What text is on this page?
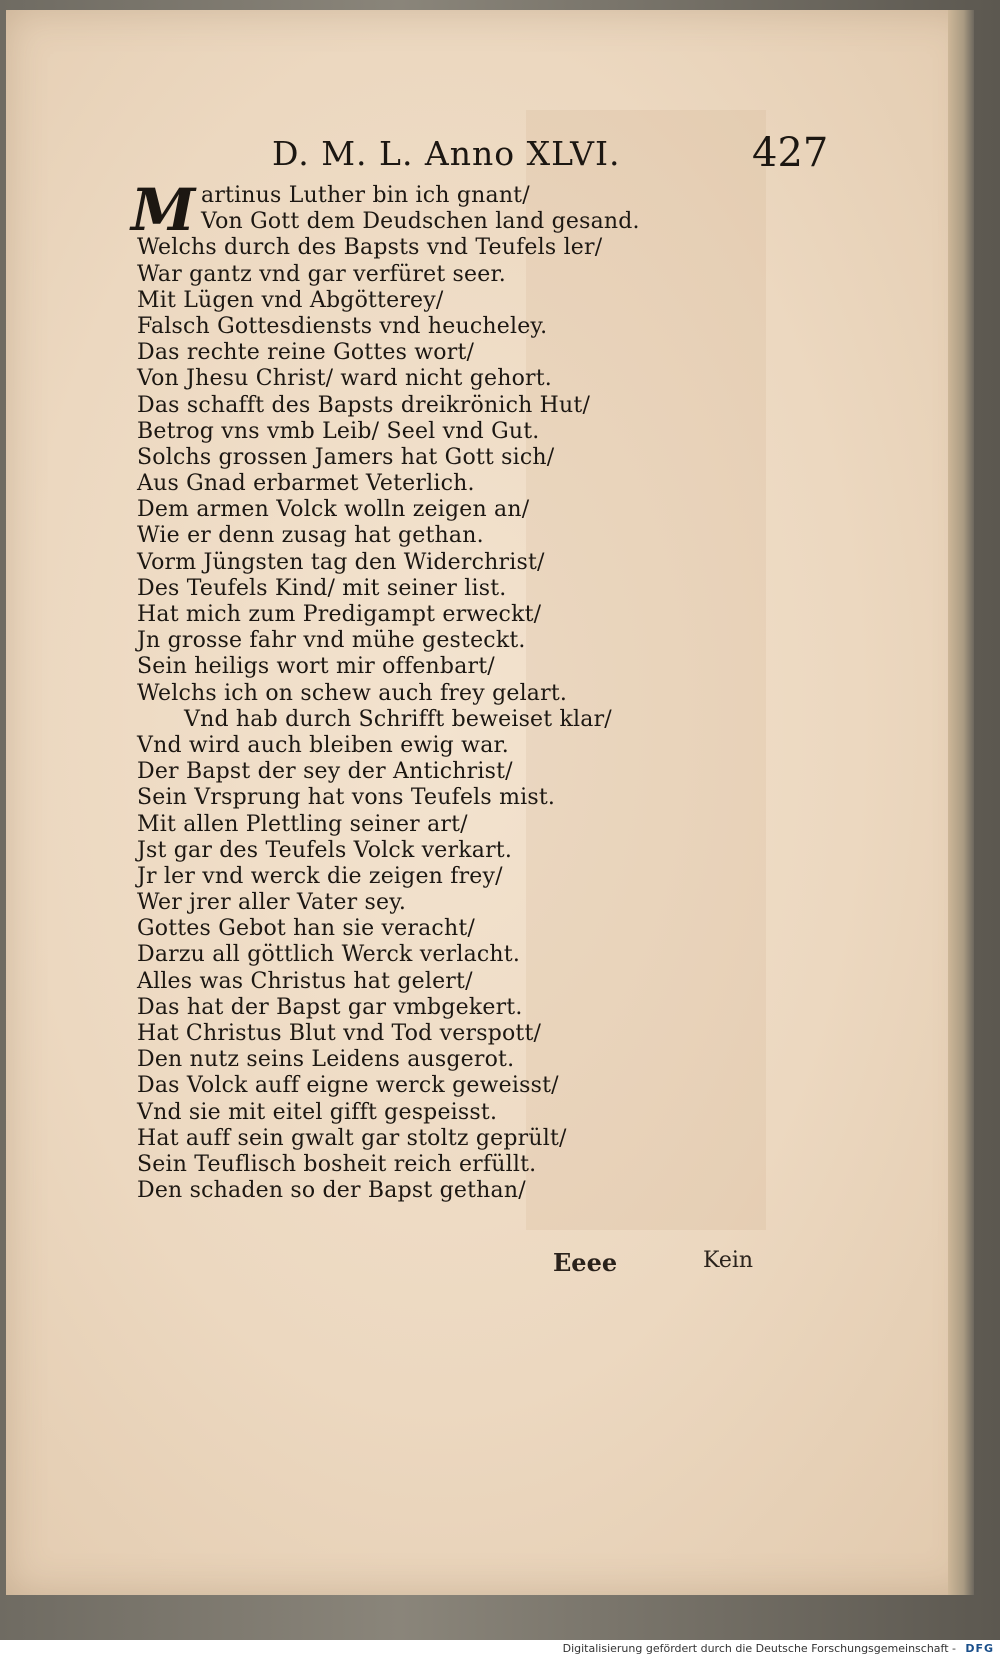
D. M. L. Anno XLVI.	427
M artinus Luther bin ich gnant/
Von Gott dem Deudschen land gesand.
Welchs durch des Bapsts vnd Teufels ler/
War gantz vnd gar verfüret seer.
Mit Lügen vnd Abgötterey/
Falsch Gottesdiensts vnd heucheley.
Das rechte reine Gottes wort/
Von Jhesu Christ/ ward nicht gehort.
Das schafft des Bapsts dreikrönich Hut/
Betrog vns vmb Leib/ Seel vnd Gut.
Solchs grossen Jamers hat Gott sich/
Aus Gnad erbarmet Veterlich.
Dem armen Volck wolln zeigen an/
Wie er denn zusag hat gethan.
Vorm Jüngsten tag den Widerchrist/
Des Teufels Kind/ mit seiner list.
Hat mich zum Predigampt erweckt/
Jn grosse fahr vnd mühe gesteckt.
Sein heiligs wort mir offenbart/
Welchs ich on schew auch frey gelart.
Vnd hab durch Schrifft beweiset klar/
Vnd wird auch bleiben ewig war.
Der Bapst der sey der Antichrist/
Sein Vrsprung hat vons Teufels mist.
Mit allen Plettling seiner art/
Jst gar des Teufels Volck verkart.
Jr ler vnd werck die zeigen frey/
Wer jrer aller Vater sey.
Gottes Gebot han sie veracht/
Darzu all göttlich Werck verlacht.
Alles was Christus hat gelert/
Das hat der Bapst gar vmbgekert.
Hat Christus Blut vnd Tod verspott/
Den nutz seins Leidens ausgerot.
Das Volck auff eigne werck geweisst/
Vnd sie mit eitel gifft gespeisst.
Hat auff sein gwalt gar stoltz geprült/
Sein Teuflisch bosheit reich erfüllt.
Den schaden so der Bapst gethan/
Eeee	Kein
Digitalisierung gefördert durch die Deutsche Forschungsgemeinschaft - DFG
